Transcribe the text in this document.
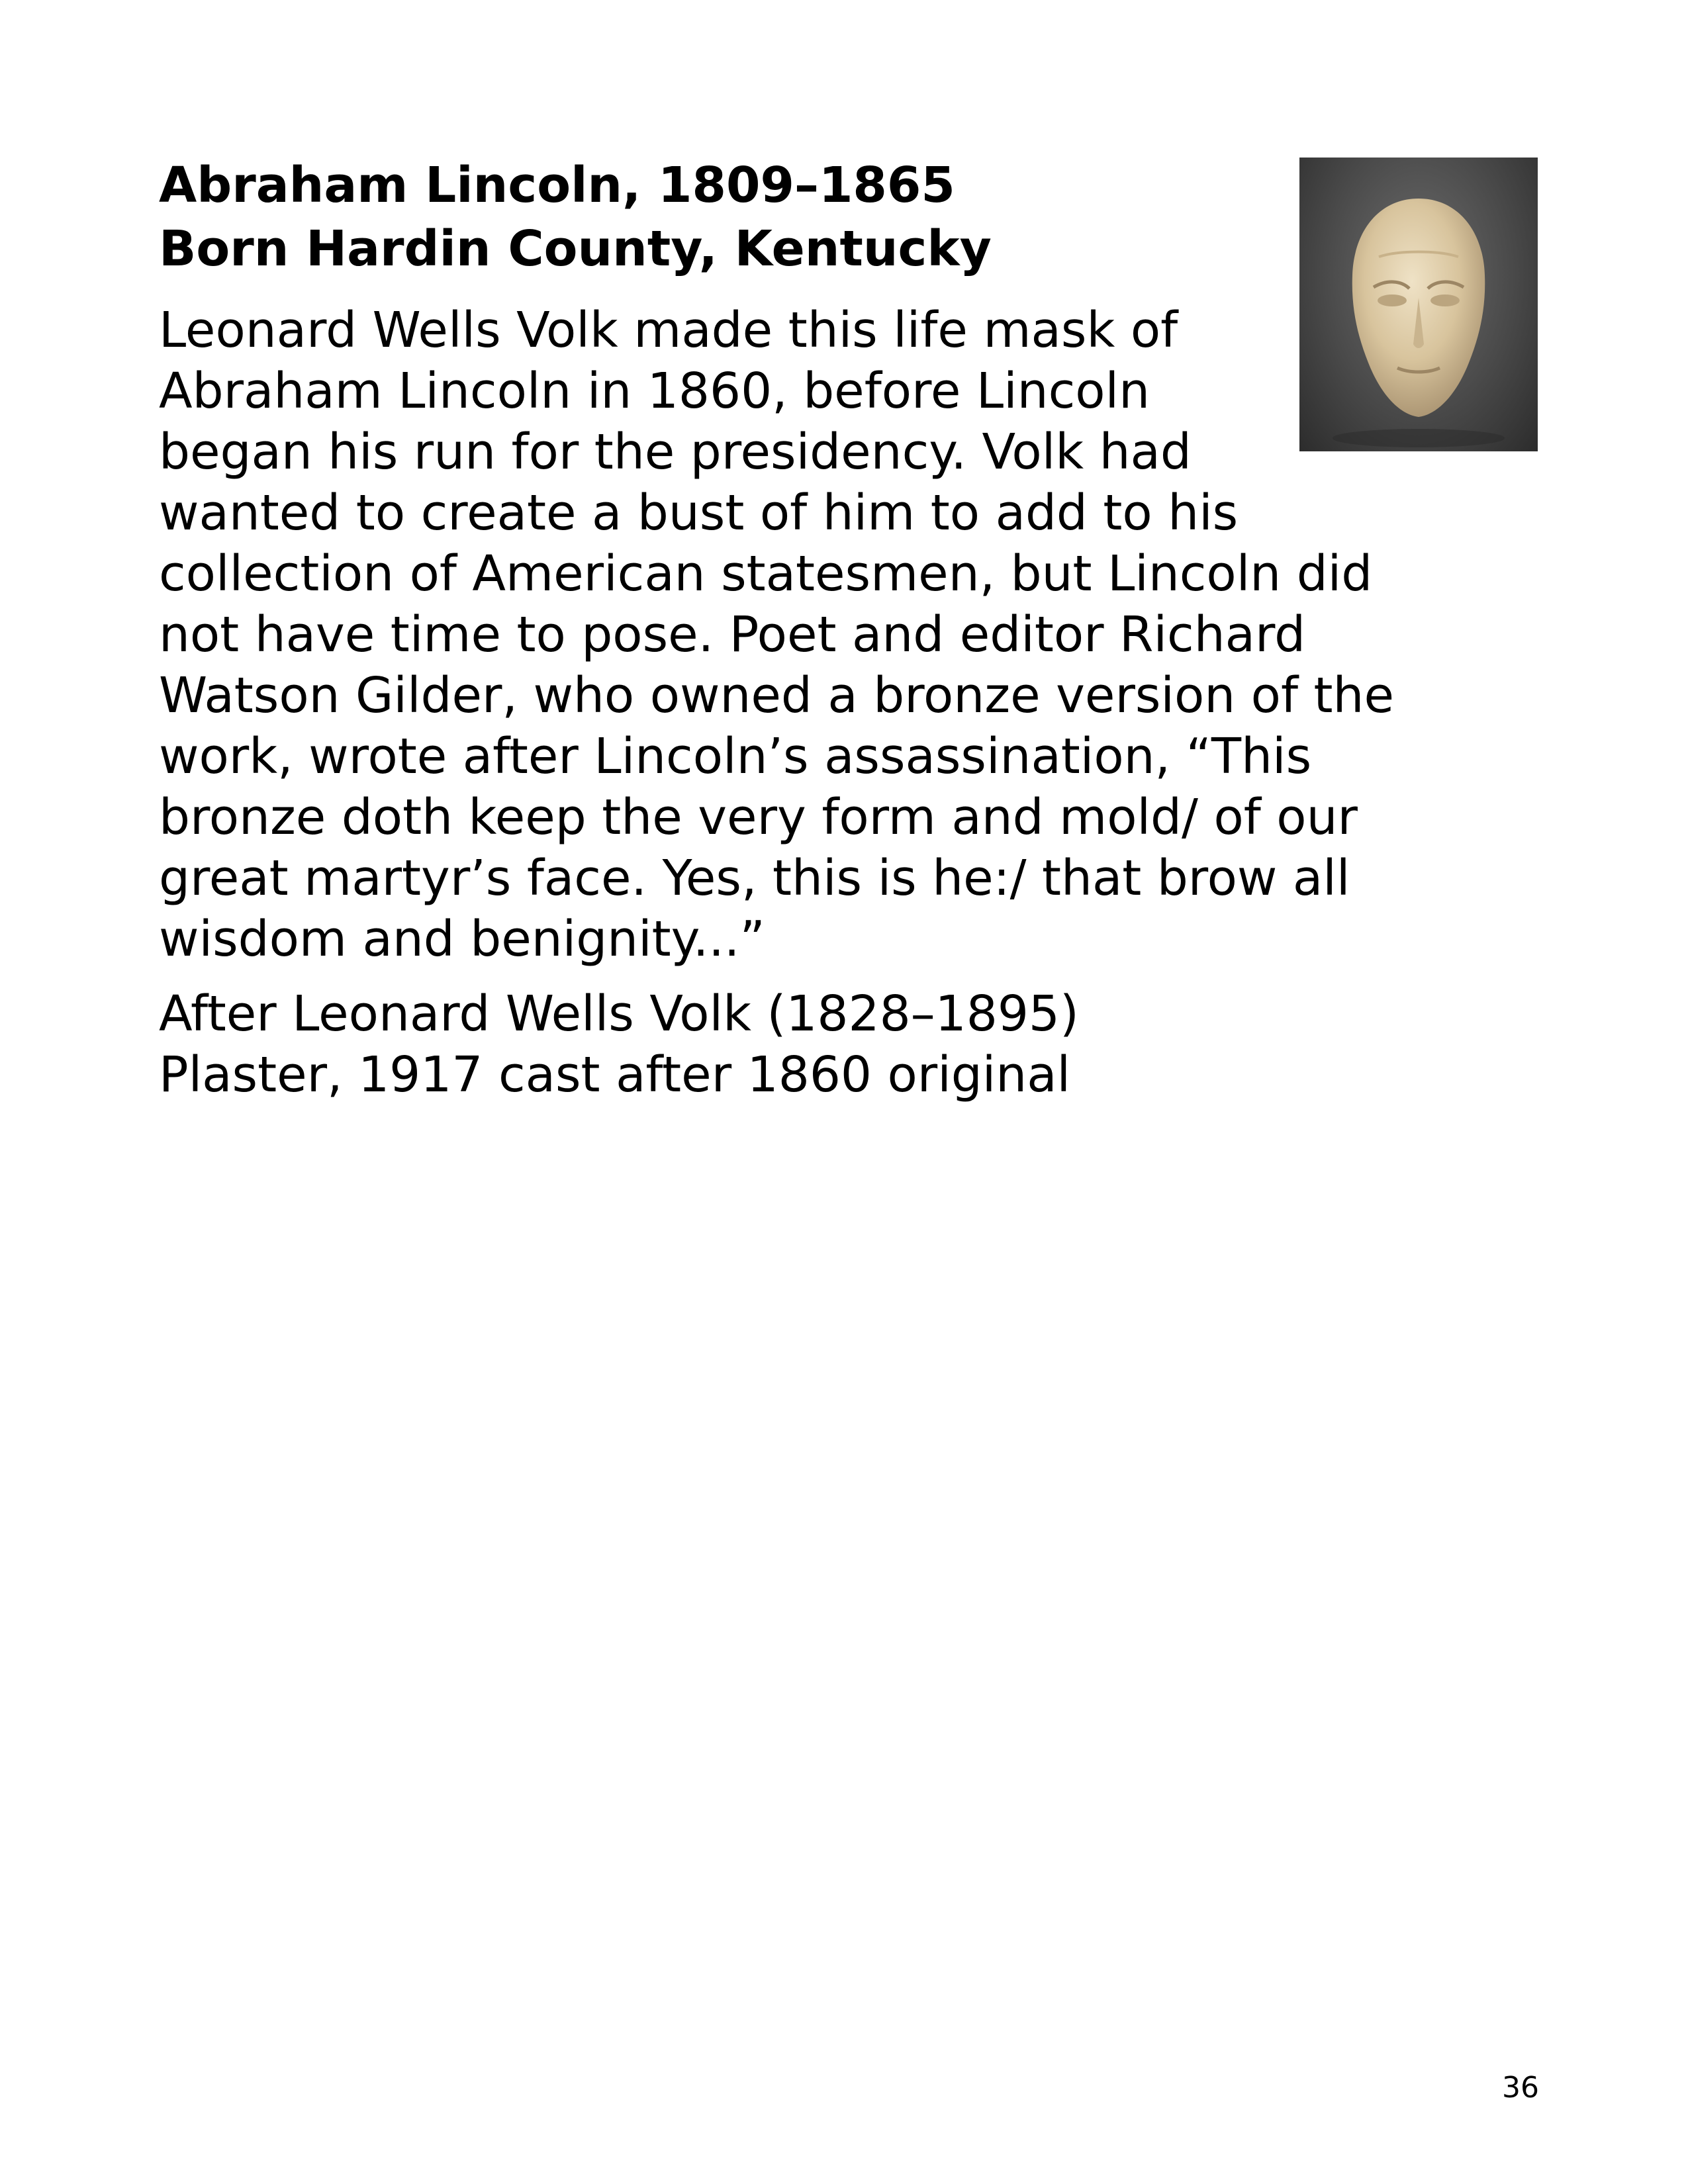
Abraham Lincoln, 1809–1865
Born Hardin County, Kentucky
Leonard Wells Volk made this life mask of
Abraham Lincoln in 1860, before Lincoln
began his run for the presidency. Volk had
wanted to create a bust of him to add to his
collection of American statesmen, but Lincoln did
not have time to pose. Poet and editor Richard
Watson Gilder, who owned a bronze version of the
work, wrote after Lincoln’s assassination, “This
bronze doth keep the very form and mold/ of our
great martyr’s face. Yes, this is he:/ that brow all
wisdom and benignity...”
After Leonard Wells Volk (1828–1895)
Plaster, 1917 cast after 1860 original
36
